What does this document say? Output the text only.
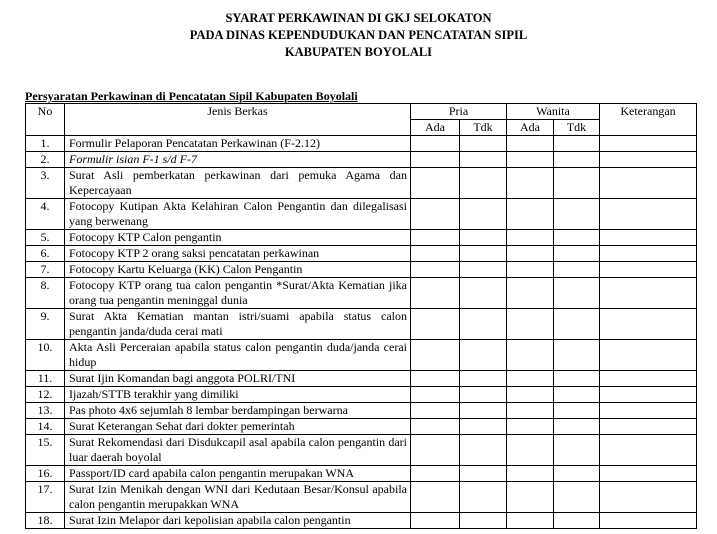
SYARAT PERKAWINAN DI GKJ SELOKATON
PADA DINAS KEPENDUDUKAN DAN PENCATATAN SIPIL
KABUPATEN BOYOLALI
Persyaratan Perkawinan di Pencatatan Sipil Kabupaten Boyolali
No	Jenis Berkas	Pria		Wanita		Keterangan
		Ada	Tdk	Ada	Tdk	
1.	Formulir Pelaporan Pencatatan Perkawinan (F-2.12)					
2.	Formulir isian F-1 s/d F-7					
3.	Surat Asli pemberkatan perkawinan dari pemuka Agama dan Kepercayaan					
4.	Fotocopy Kutipan Akta Kelahiran Calon Pengantin dan dilegalisasi yang berwenang					
5.	Fotocopy KTP Calon pengantin					
6.	Fotocopy KTP 2 orang saksi pencatatan perkawinan					
7.	Fotocopy Kartu Keluarga (KK) Calon Pengantin					
8.	Fotocopy KTP orang tua calon pengantin *Surat/Akta Kematian jika orang tua pengantin meninggal dunia					
9.	Surat Akta Kematian mantan istri/suami apabila status calon pengantin janda/duda cerai mati					
10.	Akta Asli Perceraian apabila status calon pengantin duda/janda cerai hidup					
11.	Surat Ijin Komandan bagi anggota POLRI/TNI					
12.	Ijazah/STTB terakhir yang dimiliki					
13.	Pas photo 4x6 sejumlah 8 lembar berdampingan berwarna					
14.	Surat Keterangan Sehat dari dokter pemerintah					
15.	Surat Rekomendasi dari Disdukcapil asal apabila calon pengantin dari luar daerah boyolal					
16.	Passport/ID card apabila calon pengantin merupakan WNA					
17.	Surat Izin Menikah dengan WNI dari Kedutaan Besar/Konsul apabila calon pengantin merupakkan WNA					
18.	Surat Izin Melapor dari kepolisian apabila calon pengantin					
